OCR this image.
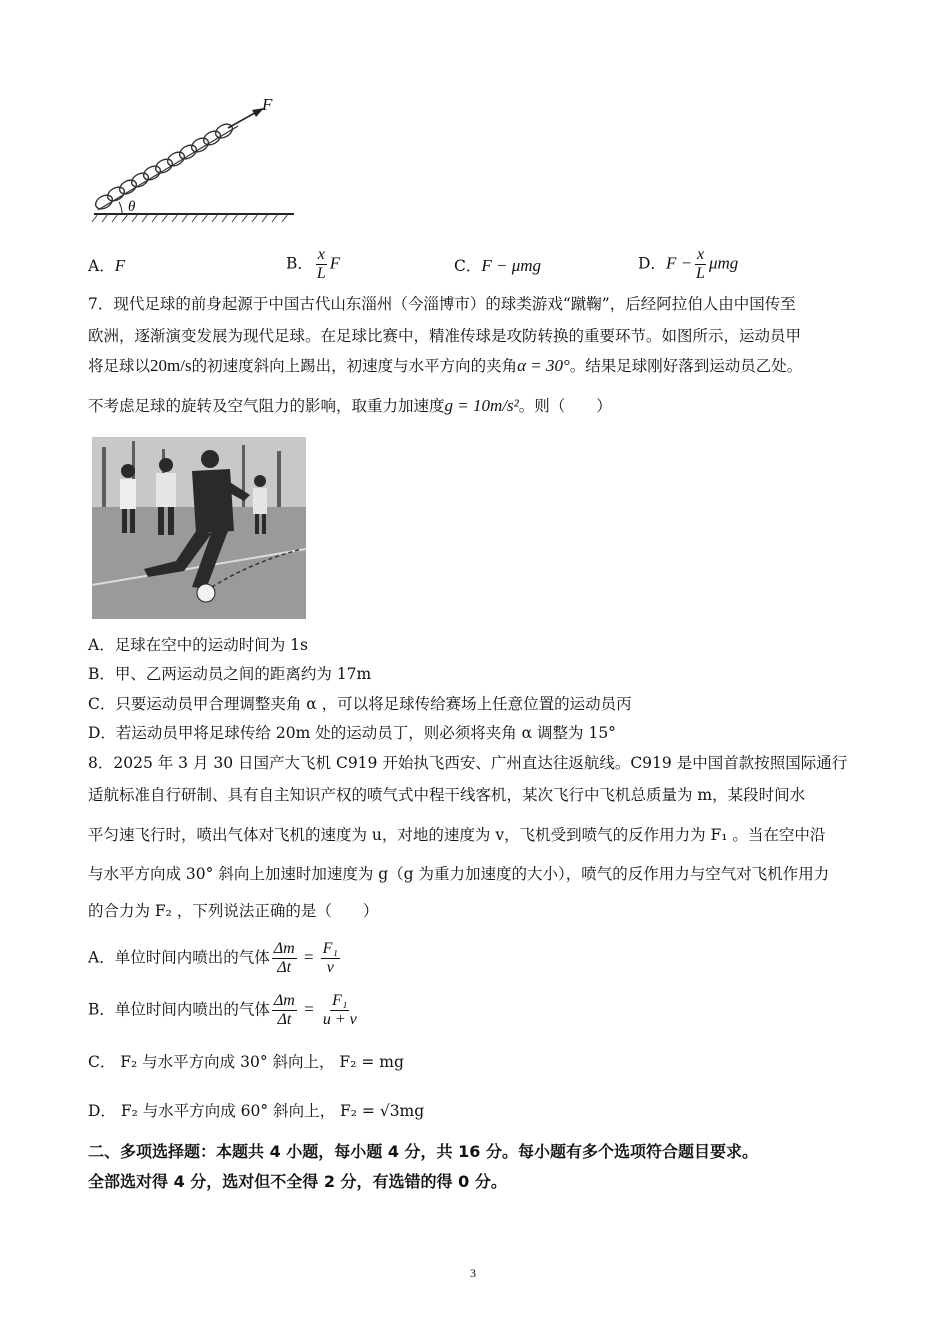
F
θ
A．F	B． $\frac{x}{L}$ F	C．F − μmg	D．$F - \frac{x}{L}$ μmg
7．现代足球的前身起源于中国古代山东淄州（今淄博市）的球类游戏“蹴鞠”，后经阿拉伯人由中国传至
欧洲，逐渐演变发展为现代足球。在足球比赛中，精准传球是攻防转换的重要环节。如图所示，运动员甲
将足球以20m/s的初速度斜向上踢出，初速度与水平方向的夹角α = 30°。结果足球刚好落到运动员乙处。
不考虑足球的旋转及空气阻力的影响，取重力加速度g = 10m/s²。则（　　）
A．足球在空中的运动时间为 1s
B．甲、乙两运动员之间的距离约为 17m
C．只要运动员甲合理调整夹角 α ，可以将足球传给赛场上任意位置的运动员丙
D．若运动员甲将足球传给 20m 处的运动员丁，则必须将夹角 α 调整为 15°
8．2025 年 3 月 30 日国产大飞机 C919 开始执飞西安、广州直达往返航线。C919 是中国首款按照国际通行
适航标准自行研制、具有自主知识产权的喷气式中程干线客机，某次飞行中飞机总质量为 m，某段时间水
平匀速飞行时，喷出气体对飞机的速度为 u，对地的速度为 v，飞机受到喷气的反作用力为 F₁ 。当在空中沿
与水平方向成 30° 斜向上加速时加速度为 g（g 为重力加速度的大小），喷气的反作用力与空气对飞机作用力
的合力为 F₂ ，下列说法正确的是（　　）
A．单位时间内喷出的气体 $\frac{\Delta m}{\Delta t} = \frac{\text{F₁}}{v}$
B．单位时间内喷出的气体 $\frac{\Delta m}{\Delta t} = \frac{\text{F₁}}{u + v}$
C． F₂ 与水平方向成 30° 斜向上， F₂ = mg
D． F₂ 与水平方向成 60° 斜向上， F₂ = √3mg
二、多项选择题：本题共 4 小题，每小题 4 分，共 16 分。每小题有多个选项符合题目要求。
全部选对得 4 分，选对但不全得 2 分，有选错的得 0 分。
3
